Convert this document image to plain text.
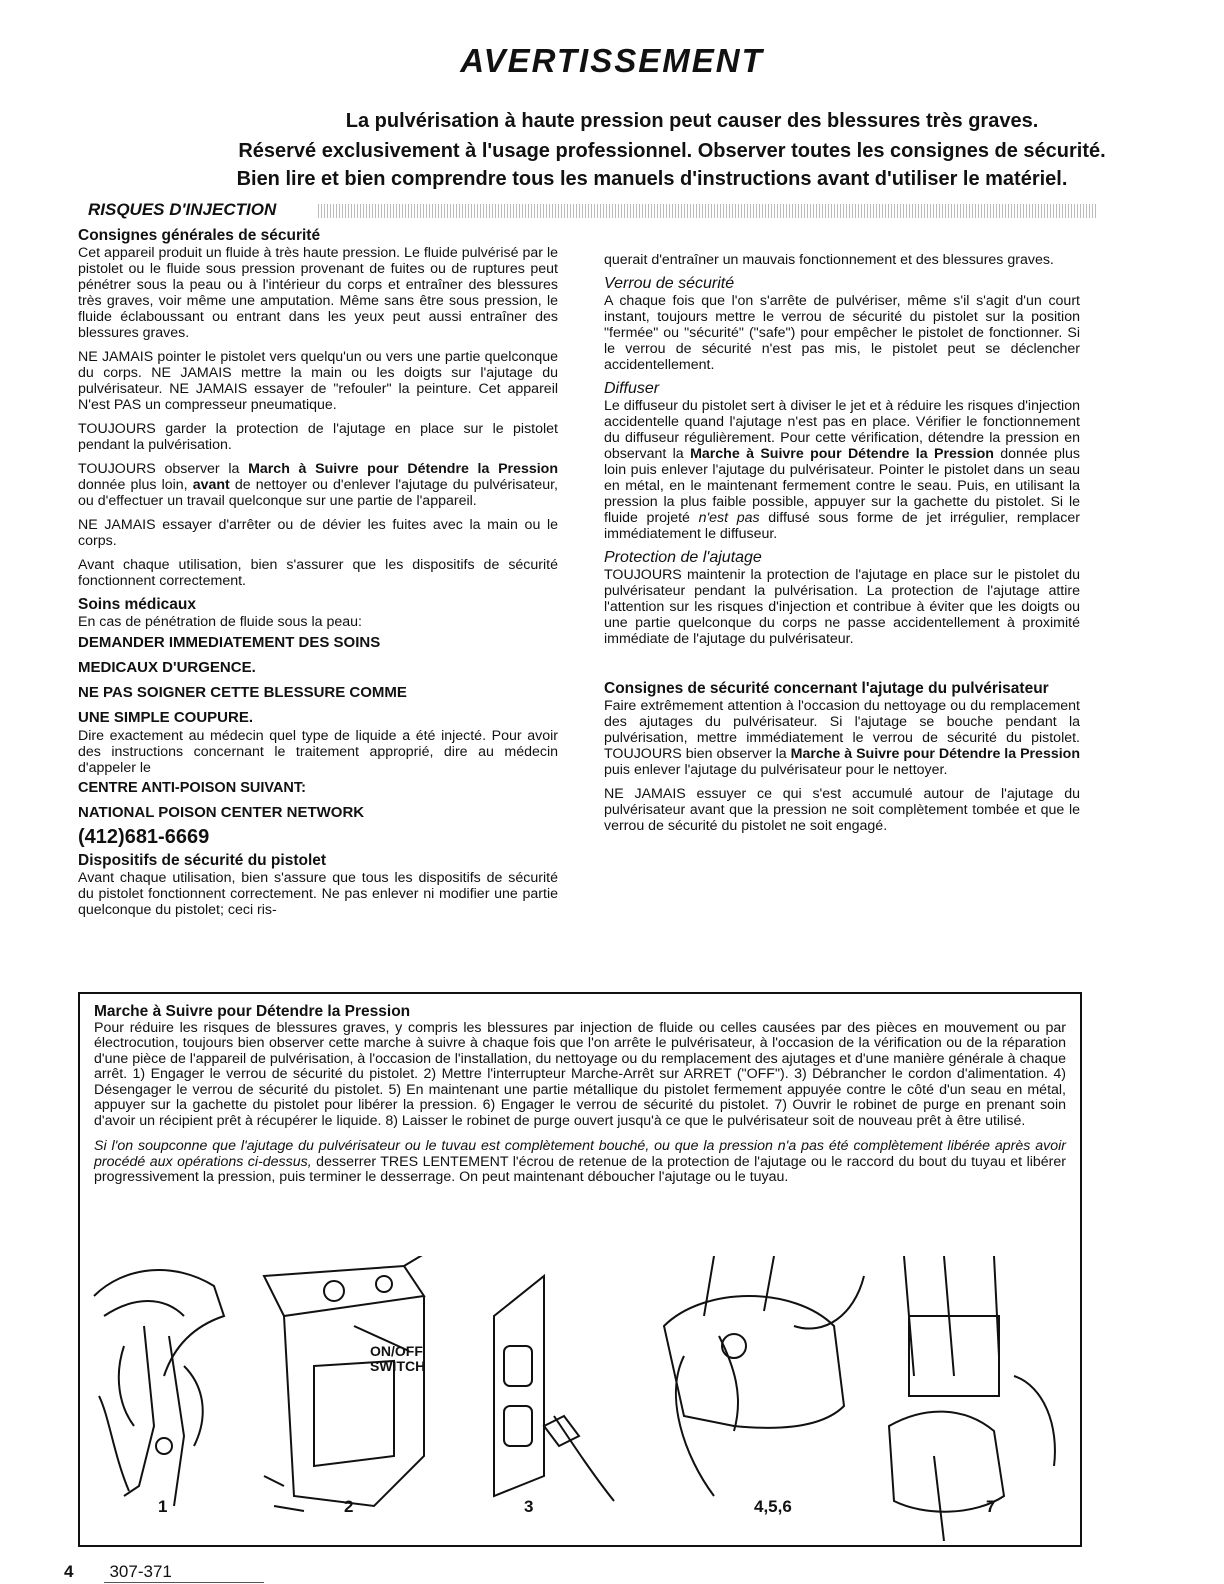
AVERTISSEMENT
La pulvérisation à haute pression peut causer des blessures très graves.
Réservé exclusivement à l'usage professionnel. Observer toutes les consignes de sécurité.
Bien lire et bien comprendre tous les manuels d'instructions avant d'utiliser le matériel.
RISQUES D'INJECTION
Consignes générales de sécurité

Cet appareil produit un fluide à très haute pression. Le fluide pulvérisé par le pistolet ou le fluide sous pression provenant de fuites ou de ruptures peut pénétrer sous la peau ou à l'intérieur du corps et entraîner des blessures très graves, voir même une amputation. Même sans être sous pression, le fluide éclaboussant ou entrant dans les yeux peut aussi entraîner des blessures graves.

NE JAMAIS pointer le pistolet vers quelqu'un ou vers une partie quelconque du corps. NE JAMAIS mettre la main ou les doigts sur l'ajutage du pulvérisateur. NE JAMAIS essayer de "refouler" la peinture. Cet appareil N'est PAS un compresseur pneumatique.

TOUJOURS garder la protection de l'ajutage en place sur le pistolet pendant la pulvérisation.

TOUJOURS observer la March à Suivre pour Détendre la Pression donnée plus loin, avant de nettoyer ou d'enlever l'ajutage du pulvérisateur, ou d'effectuer un travail quelconque sur une partie de l'appareil.

NE JAMAIS essayer d'arrêter ou de dévier les fuites avec la main ou le corps.

Avant chaque utilisation, bien s'assurer que les dispositifs de sécurité fonctionnent correctement.

Soins médicaux

En cas de pénétration de fluide sous la peau:

DEMANDER IMMEDIATEMENT DES SOINS

MEDICAUX D'URGENCE.

NE PAS SOIGNER CETTE BLESSURE COMME

UNE SIMPLE COUPURE.

Dire exactement au médecin quel type de liquide a été injecté. Pour avoir des instructions concernant le traitement approprié, dire au médecin d'appeler le

CENTRE ANTI-POISON SUIVANT:

NATIONAL POISON CENTER NETWORK

(412)681-6669

Dispositifs de sécurité du pistolet

Avant chaque utilisation, bien s'assure que tous les dispositifs de sécurité du pistolet fonctionnent correctement. Ne pas enlever ni modifier une partie quelconque du pistolet; ceci ris-

querait d'entraîner un mauvais fonctionnement et des blessures graves.

Verrou de sécurité

A chaque fois que l'on s'arrête de pulvériser, même s'il s'agit d'un court instant, toujours mettre le verrou de sécurité du pistolet sur la position "fermée" ou "sécurité" ("safe") pour empêcher le pistolet de fonctionner. Si le verrou de sécurité n'est pas mis, le pistolet peut se déclencher accidentellement.

Diffuser

Le diffuseur du pistolet sert à diviser le jet et à réduire les risques d'injection accidentelle quand l'ajutage n'est pas en place. Vérifier le fonctionnement du diffuseur régulièrement. Pour cette vérification, détendre la pression en observant la Marche à Suivre pour Détendre la Pression donnée plus loin puis enlever l'ajutage du pulvérisateur. Pointer le pistolet dans un seau en métal, en le maintenant fermement contre le seau. Puis, en utilisant la pression la plus faible possible, appuyer sur la gachette du pistolet. Si le fluide projeté n'est pas diffusé sous forme de jet irrégulier, remplacer immédiatement le diffuseur.

Protection de l'ajutage

TOUJOURS maintenir la protection de l'ajutage en place sur le pistolet du pulvérisateur pendant la pulvérisation. La protection de l'ajutage attire l'attention sur les risques d'injection et contribue à éviter que les doigts ou une partie quelconque du corps ne passe accidentellement à proximité immédiate de l'ajutage du pulvérisateur.

Consignes de sécurité concernant l'ajutage du pulvérisateur

Faire extrêmement attention à l'occasion du nettoyage ou du remplacement des ajutages du pulvérisateur. Si l'ajutage se bouche pendant la pulvérisation, mettre immédiatement le verrou de sécurité du pistolet. TOUJOURS bien observer la Marche à Suivre pour Détendre la Pression puis enlever l'ajutage du pulvérisateur pour le nettoyer.

NE JAMAIS essuyer ce qui s'est accumulé autour de l'ajutage du pulvérisateur avant que la pression ne soit complètement tombée et que le verrou de sécurité du pistolet ne soit engagé.

Marche à Suivre pour Détendre la Pression

Pour réduire les risques de blessures graves, y compris les blessures par injection de fluide ou celles causées par des pièces en mouvement ou par électrocution, toujours bien observer cette marche à suivre à chaque fois que l'on arrête le pulvérisateur, à l'occasion de la vérification ou de la réparation d'une pièce de l'appareil de pulvérisation, à l'occasion de l'installation, du nettoyage ou du remplacement des ajutages et d'une manière générale à chaque arrêt. 1) Engager le verrou de sécurité du pistolet. 2) Mettre l'interrupteur Marche-Arrêt sur ARRET ("OFF"). 3) Débrancher le cordon d'alimentation. 4) Désengager le verrou de sécurité du pistolet. 5) En maintenant une partie métallique du pistolet fermement appuyée contre le côté d'un seau en métal, appuyer sur la gachette du pistolet pour libérer la pression. 6) Engager le verrou de sécurité du pistolet. 7) Ouvrir le robinet de purge en prenant soin d'avoir un récipient prêt à récupérer le liquide. 8) Laisser le robinet de purge ouvert jusqu'à ce que le pulvérisateur soit de nouveau prêt à être utilisé.

Si l'on soupconne que l'ajutage du pulvérisateur ou le tuvau est complètement bouché, ou que la pression n'a pas été complètement libérée après avoir procédé aux opérations ci-dessus, desserrer TRES LENTEMENT l'écrou de retenue de la protection de l'ajutage ou le raccord du bout du tuyau et libérer progressivement la pression, puis terminer le desserrage. On peut maintenant déboucher l'ajutage ou le tuyau.

1
ON/OFF
SWITCH
2	3	4,5,6	7
4 307-371
